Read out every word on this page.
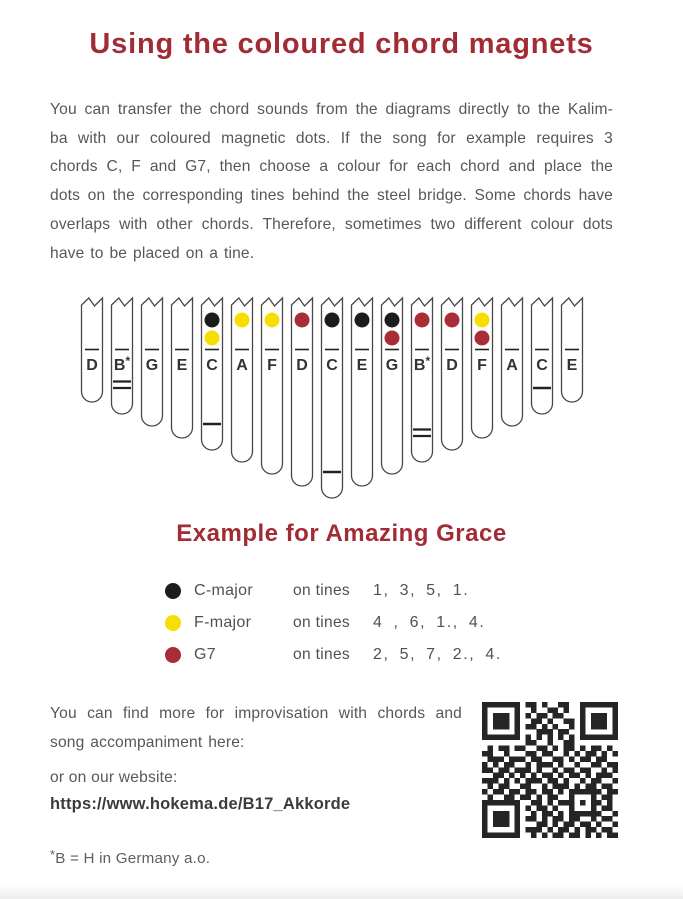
Using the coloured chord magnets
You can transfer the chord sounds from the diagrams directly to the Kalim-
ba with our coloured magnetic dots. If the song for example requires 3
chords C, F and G7, then choose a colour for each chord and place the
dots on the corresponding tines behind the steel bridge. Some chords have
overlaps with other chords. Therefore, sometimes two different colour dots
have to be placed on a tine.
D B* G E C A F D C E G B* D F A C E
Example for Amazing Grace
C-major	on tines	1, 3, 5, 1.
F-major	on tines	4 , 6, 1., 4.
G7	on tines	2, 5, 7, 2., 4.
You can find more for improvisation with chords and
song accompaniment here:
or on our website:
https://www.hokema.de/B17_Akkorde
*B = H in Germany a.o.
